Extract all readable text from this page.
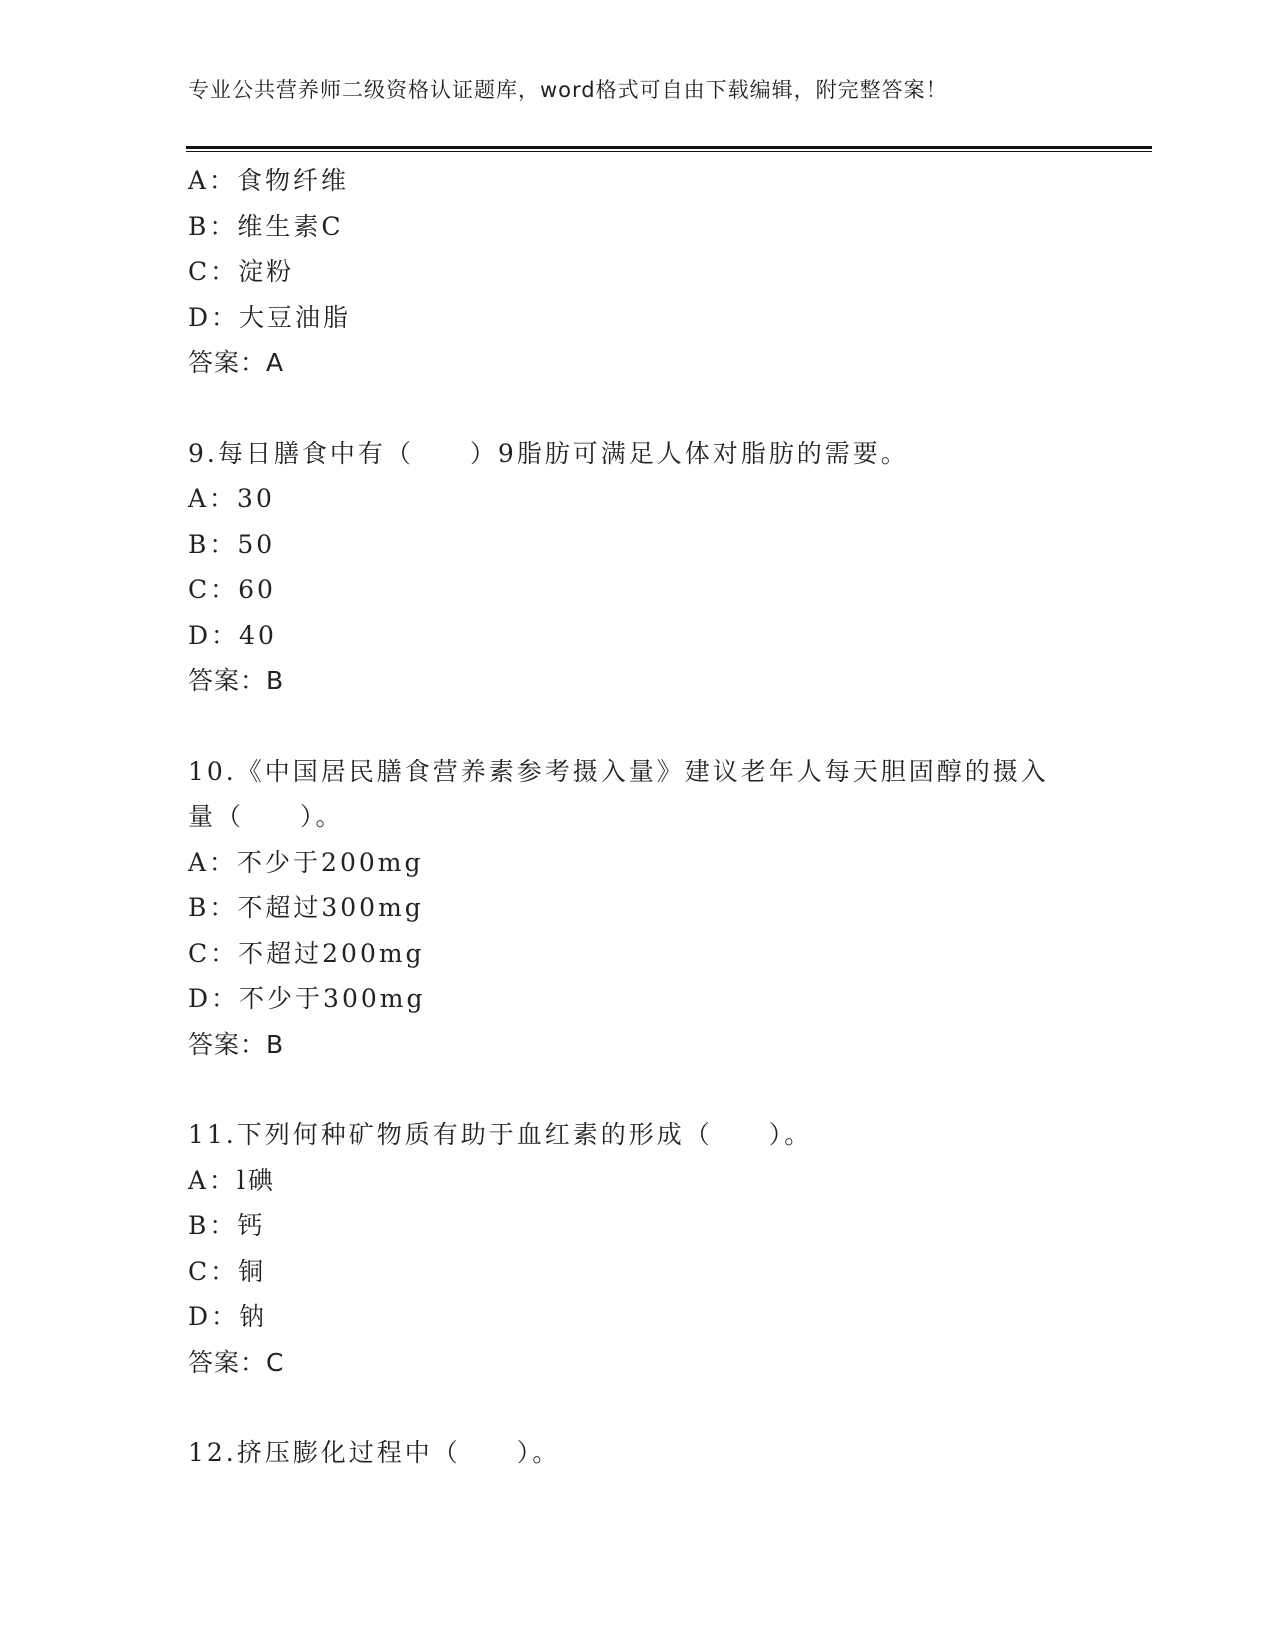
专业公共营养师二级资格认证题库，word格式可自由下载编辑，附完整答案！
A：食物纤维
B：维生素C
C：淀粉
D：大豆油脂
答案：A
9.每日膳食中有（　　）9脂肪可满足人体对脂肪的需要。
A：30
B：50
C：60
D：40
答案：B
10.《中国居民膳食营养素参考摄入量》建议老年人每天胆固醇的摄入
量（　　）。
A：不少于200mg
B：不超过300mg
C：不超过200mg
D：不少于300mg
答案：B
11.下列何种矿物质有助于血红素的形成（　　）。
A：l碘
B：钙
C：铜
D：钠
答案：C
12.挤压膨化过程中（　　）。
